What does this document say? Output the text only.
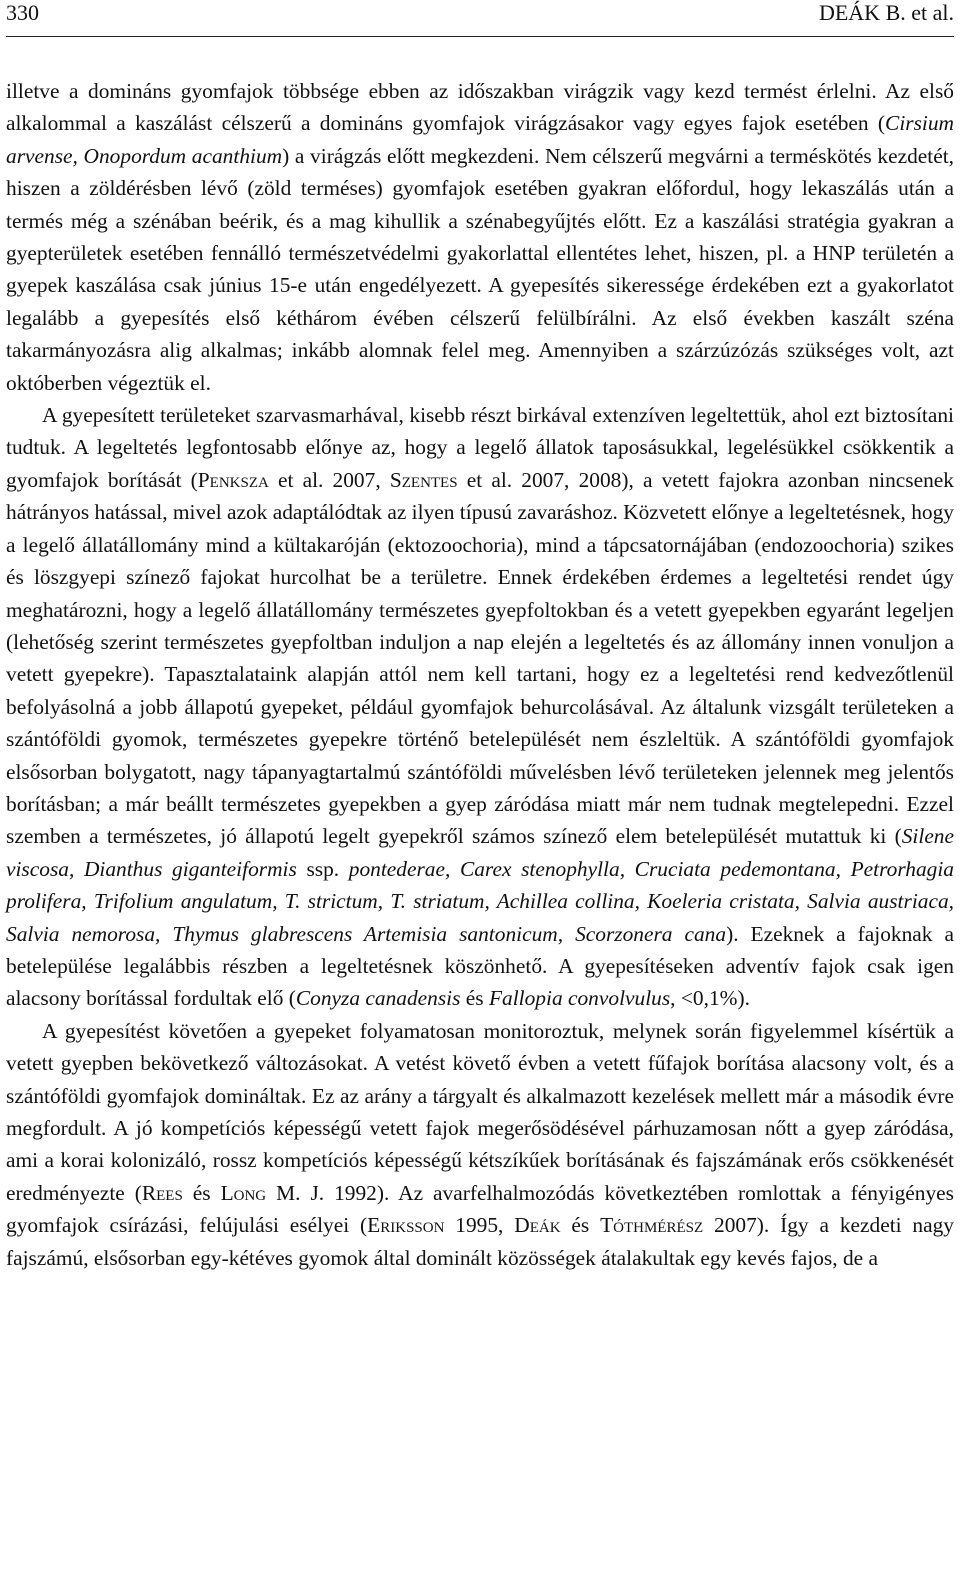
330	DEÁK B. et al.

illetve a domináns gyomfajok többsége ebben az időszakban virágzik vagy kezd termést érlelni. Az első alkalommal a kaszálást célszerű a domináns gyomfajok virágzásakor vagy egyes fajok esetében (Cirsium arvense, Onopordum acanthium) a virágzás előtt megkezdeni. Nem célszerű megvárni a terméskötés kezdetét, hiszen a zöldérésben lévő (zöld terméses) gyomfajok esetében gyakran előfordul, hogy lekaszálás után a termés még a szénában beérik, és a mag kihullik a szénabegyűjtés előtt. Ez a kaszálási stratégia gyakran a gyepterületek esetében fennálló természetvédelmi gyakorlattal ellentétes lehet, hiszen, pl. a HNP területén a gyepek kaszálása csak június 15-e után engedélyezett. A gyepesítés sikeressége érdekében ezt a gyakorlatot legalább a gyepesítés első kéthárom évében célszerű felülbírálni. Az első években kaszált széna takarmányozásra alig alkalmas; inkább alomnak felel meg. Amennyiben a szárzúzózás szükséges volt, azt októberben végeztük el.

A gyepesített területeket szarvasmarhával, kisebb részt birkával extenzíven legeltettük, ahol ezt biztosítani tudtuk. A legeltetés legfontosabb előnye az, hogy a legelő állatok taposásukkal, legelésükkel csökkentik a gyomfajok borítását (Penksza et al. 2007, Szentes et al. 2007, 2008), a vetett fajokra azonban nincsenek hátrányos hatással, mivel azok adaptálódtak az ilyen típusú zavaráshoz. Közvetett előnye a legeltetésnek, hogy a legelő állatállomány mind a kültakaróján (ektozoochoria), mind a tápcsatornájában (endozoochoria) szikes és löszgyepi színező fajokat hurcolhat be a területre. Ennek érdekében érdemes a legeltetési rendet úgy meghatározni, hogy a legelő állatállomány természetes gyepfoltokban és a vetett gyepekben egyaránt legeljen (lehetőség szerint természetes gyepfoltban induljon a nap elején a legeltetés és az állomány innen vonuljon a vetett gyepekre). Tapasztalataink alapján attól nem kell tartani, hogy ez a legeltetési rend kedvezőtlenül befolyásolná a jobb állapotú gyepeket, például gyomfajok behurcolásával. Az általunk vizsgált területeken a szántóföldi gyomok, természetes gyepekre történő betelepülését nem észleltük. A szántóföldi gyomfajok elsősorban bolygatott, nagy tápanyagtartalmú szántóföldi művelésben lévő területeken jelennek meg jelentős borításban; a már beállt természetes gyepekben a gyep záródása miatt már nem tudnak megtelepedni. Ezzel szemben a természetes, jó állapotú legelt gyepekről számos színező elem betelepülését mutattuk ki (Silene viscosa, Dianthus giganteiformis ssp. pontederae, Carex stenophylla, Cruciata pedemontana, Petrorhagia prolifera, Trifolium angulatum, T. strictum, T. striatum, Achillea collina, Koeleria cristata, Salvia austriaca, Salvia nemorosa, Thymus glabrescens Artemisia santonicum, Scorzonera cana). Ezeknek a fajoknak a betelepülése legalábbis részben a legeltetésnek köszönhető. A gyepesítéseken adventív fajok csak igen alacsony borítással fordultak elő (Conyza canadensis és Fallopia convolvulus, <0,1%).

A gyepesítést követően a gyepeket folyamatosan monitoroztuk, melynek során figyelemmel kísértük a vetett gyepben bekövetkező változásokat. A vetést követő évben a vetett fűfajok borítása alacsony volt, és a szántóföldi gyomfajok domináltak. Ez az arány a tárgyalt és alkalmazott kezelések mellett már a második évre megfordult. A jó kompetíciós képességű vetett fajok megerősödésével párhuzamosan nőtt a gyep záródása, ami a korai kolonizáló, rossz kompetíciós képességű kétszíkűek borításának és fajszámának erős csökkenését eredményezte (Rees és Long M. J. 1992). Az avarfelhalmozódás következtében romlottak a fényigényes gyomfajok csírázási, felújulási esélyei (Eriksson 1995, Deák és Tóthmérész 2007). Így a kezdeti nagy fajszámú, elsősorban egy-kétéves gyomok által dominált közösségek átalakultak egy kevés fajos, de a
